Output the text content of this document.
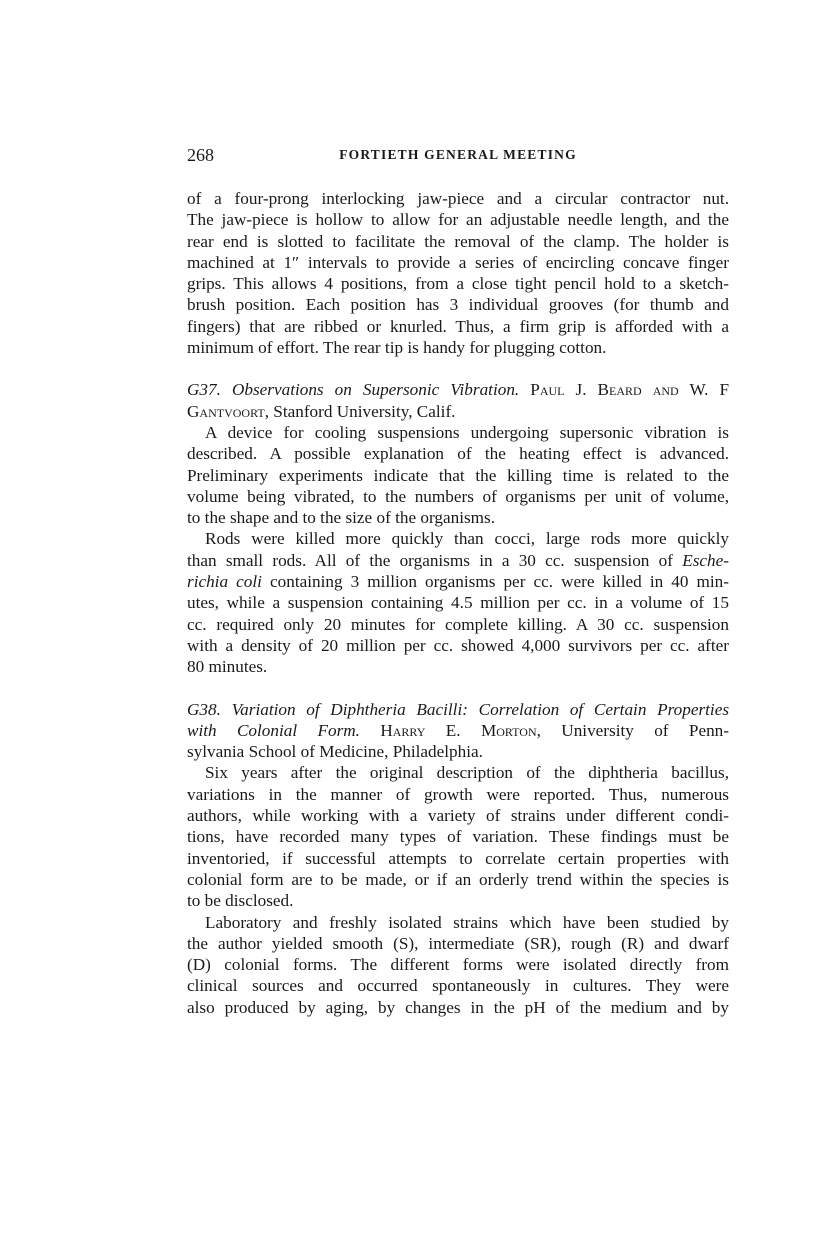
268	FORTIETH GENERAL MEETING
of a four-prong interlocking jaw-piece and a circular contractor nut.
The jaw-piece is hollow to allow for an adjustable needle length, and the
rear end is slotted to facilitate the removal of the clamp. The holder is
machined at 1″ intervals to provide a series of encircling concave finger
grips. This allows 4 positions, from a close tight pencil hold to a sketch-
brush position. Each position has 3 individual grooves (for thumb and
fingers) that are ribbed or knurled. Thus, a firm grip is afforded with a
minimum of effort. The rear tip is handy for plugging cotton.
G37. Observations on Supersonic Vibration. Paul J. Beard and W. F
Gantvoort, Stanford University, Calif.
A device for cooling suspensions undergoing supersonic vibration is
described. A possible explanation of the heating effect is advanced.
Preliminary experiments indicate that the killing time is related to the
volume being vibrated, to the numbers of organisms per unit of volume,
to the shape and to the size of the organisms.
Rods were killed more quickly than cocci, large rods more quickly
than small rods. All of the organisms in a 30 cc. suspension of Esche-
richia coli containing 3 million organisms per cc. were killed in 40 min-
utes, while a suspension containing 4.5 million per cc. in a volume of 15
cc. required only 20 minutes for complete killing. A 30 cc. suspension
with a density of 20 million per cc. showed 4,000 survivors per cc. after
80 minutes.
G38. Variation of Diphtheria Bacilli: Correlation of Certain Properties
with Colonial Form. Harry E. Morton, University of Penn-
sylvania School of Medicine, Philadelphia.
Six years after the original description of the diphtheria bacillus,
variations in the manner of growth were reported. Thus, numerous
authors, while working with a variety of strains under different condi-
tions, have recorded many types of variation. These findings must be
inventoried, if successful attempts to correlate certain properties with
colonial form are to be made, or if an orderly trend within the species is
to be disclosed.
Laboratory and freshly isolated strains which have been studied by
the author yielded smooth (S), intermediate (SR), rough (R) and dwarf
(D) colonial forms. The different forms were isolated directly from
clinical sources and occurred spontaneously in cultures. They were
also produced by aging, by changes in the pH of the medium and by
